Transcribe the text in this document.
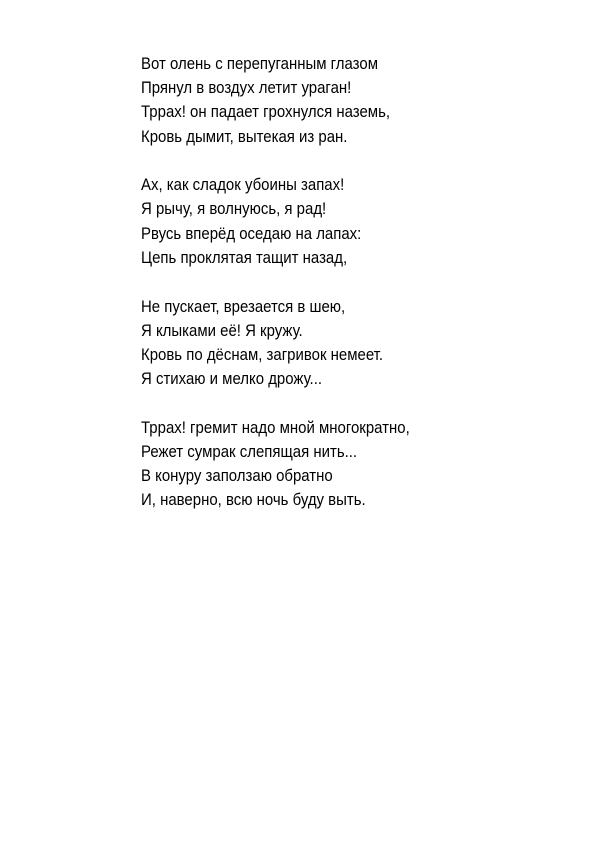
Вот олень с перепуганным глазом
Прянул в воздух летит ураган!
Тррах! он падает грохнулся наземь,
Кровь дымит, вытекая из ран.
Ах, как сладок убоины запах!
Я рычу, я волнуюсь, я рад!
Рвусь вперёд оседаю на лапах:
Цепь проклятая тащит назад,
Не пускает, врезается в шею,
Я клыками её! Я кружу.
Кровь по дёснам, загривок немеет.
Я стихаю и мелко дрожу...
Тррах! гремит надо мной многократно,
Режет сумрак слепящая нить...
В конуру заползаю обратно
И, наверно, всю ночь буду выть.
